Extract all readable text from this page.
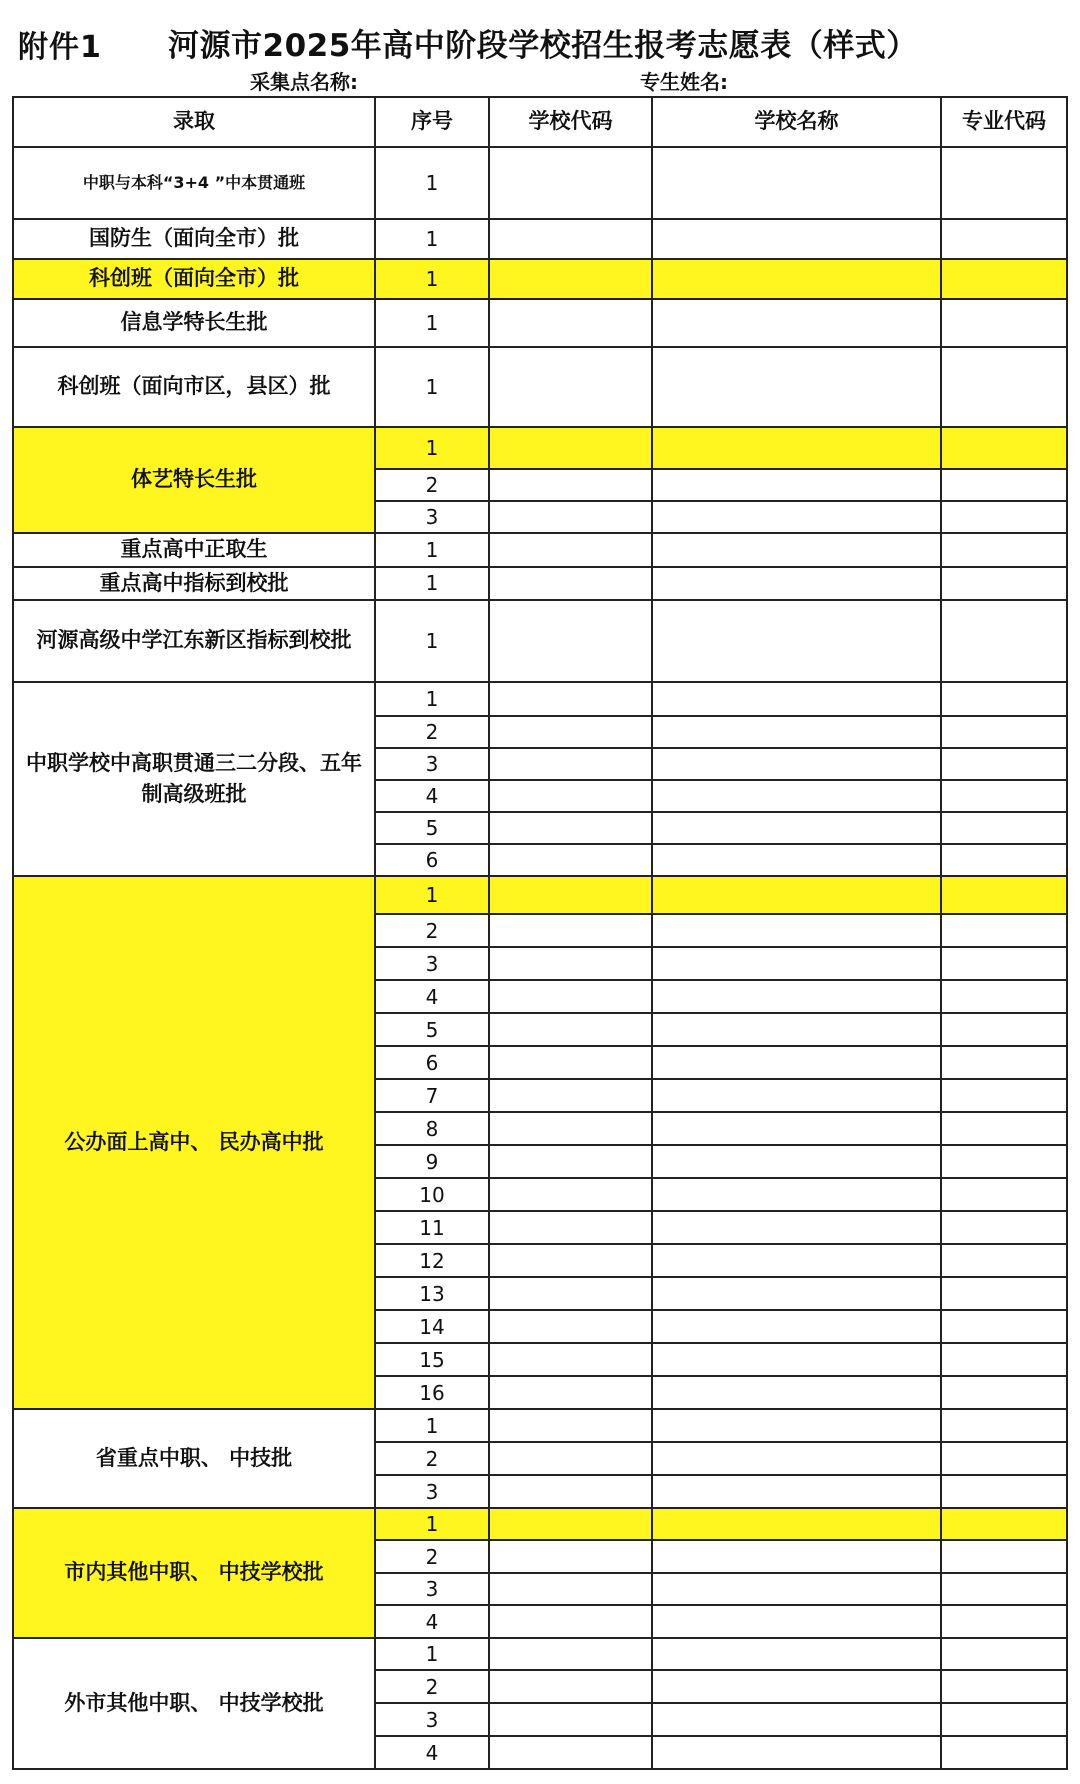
附件1 河源市2025年高中阶段学校招生报考志愿表（样式）
采集点名称:	专生姓名:
录取	序号	学校代码	学校名称	专业代码
中职与本科“3+4 ”中本贯通班	1			
国防生（面向全市）批	1			
科创班（面向全市）批	1			
信息学特长生批	1			
科创班（面向市区，县区）批	1			
体艺特长生批	1			
	2			
	3			
重点高中正取生	1			
重点高中指标到校批	1			
河源高级中学江东新区指标到校批	1			
中职学校中高职贯通三二分段、五年制高级班批	1			
	2			
	3			
	4			
	5			
	6			
公办面上高中、 民办高中批	1			
	2			
	3			
	4			
	5			
	6			
	7			
	8			
	9			
	10			
	11			
	12			
	13			
	14			
	15			
	16			
省重点中职、 中技批	1			
	2			
	3			
市内其他中职、 中技学校批	1			
	2			
	3			
	4			
外市其他中职、 中技学校批	1			
	2			
	3			
	4			
